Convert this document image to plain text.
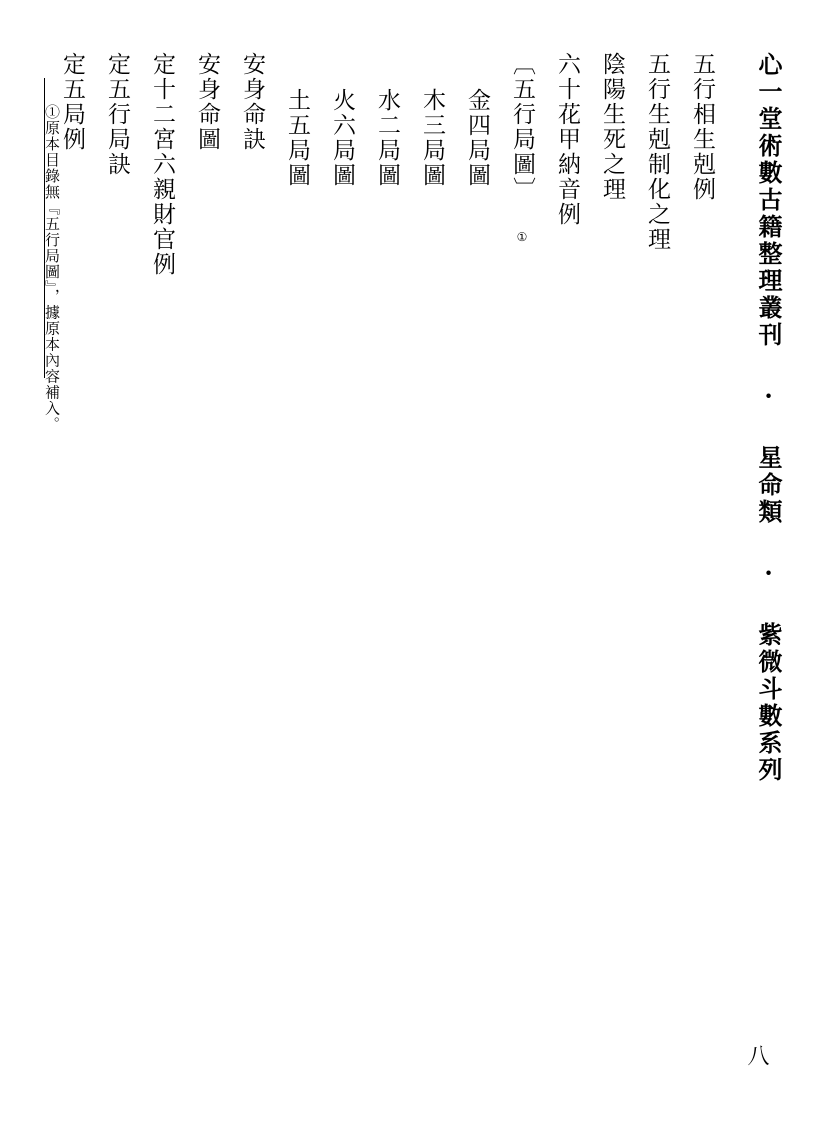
心一堂術數古籍整理叢刊 · 星命類 · 紫微斗數系列
五行相生剋例
五行生剋制化之理
陰陽生死之理
六十花甲納音例
〔五行局圖〕 ①
金四局圖
木三局圖
水二局圖
火六局圖
土五局圖
安身命訣
安身命圖
定十二宮六親財官例
定五行局訣
定五局例
①原本目錄無『五行局圖』，據原本內容補入。
八
